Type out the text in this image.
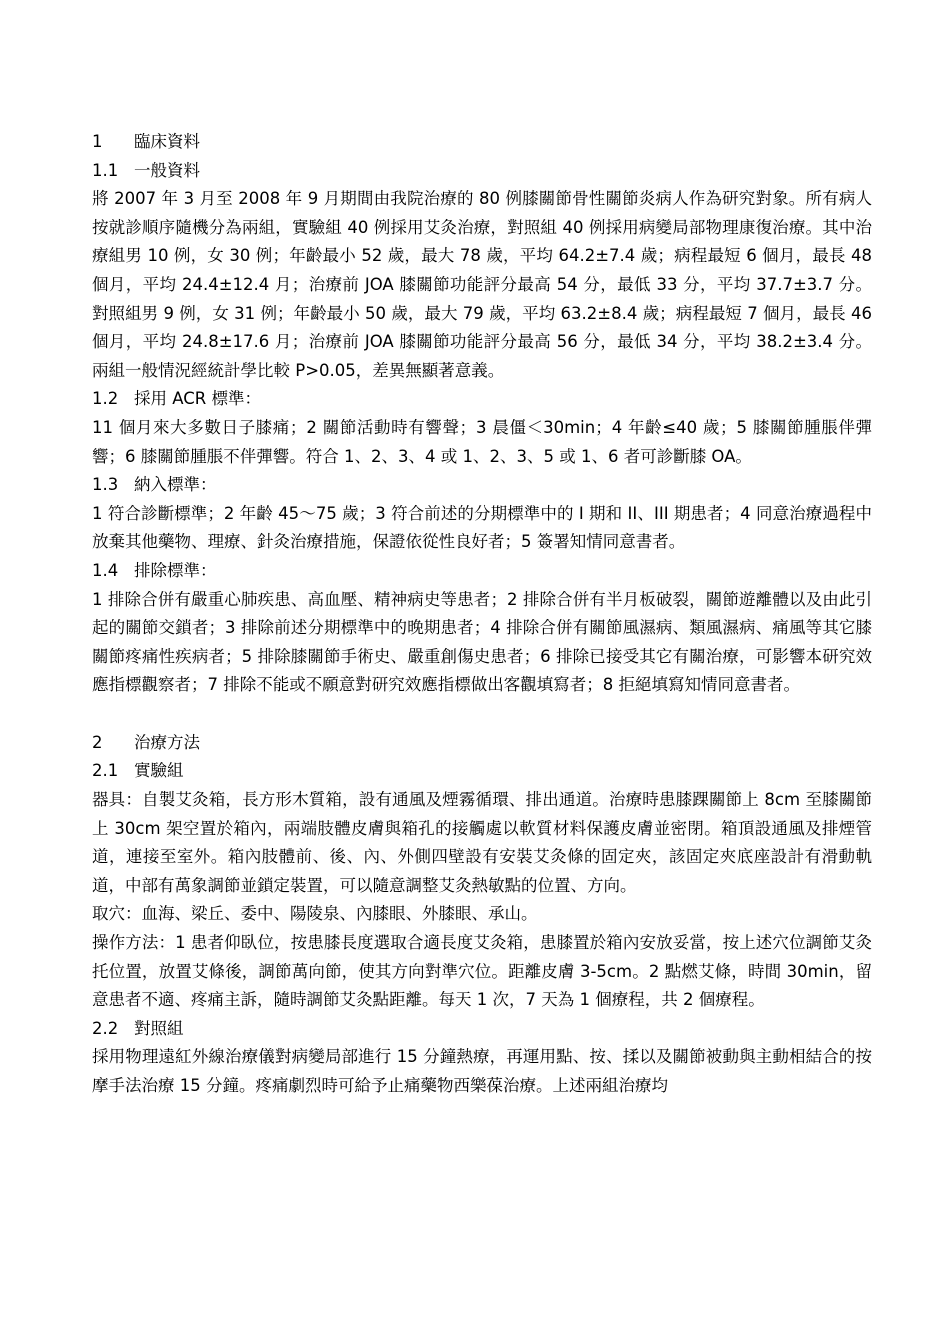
1      臨床資料

1.1   一般資料

將 2007 年 3 月至 2008 年 9 月期間由我院治療的 80 例膝關節骨性關節炎病人作為研究對象。所有病人按就診順序隨機分為兩組，實驗組 40 例採用艾灸治療，對照組 40 例採用病變局部物理康復治療。其中治療組男 10 例，女 30 例；年齡最小 52 歲，最大 78 歲，平均 64.2±7.4 歲；病程最短 6 個月，最長 48 個月，平均 24.4±12.4 月；治療前 JOA 膝關節功能評分最高 54 分，最低 33 分，平均 37.7±3.7 分。對照組男 9 例，女 31 例；年齡最小 50 歲，最大 79 歲，平均 63.2±8.4 歲；病程最短 7 個月，最長 46 個月，平均 24.8±17.6 月；治療前 JOA 膝關節功能評分最高 56 分，最低 34 分，平均 38.2±3.4 分。兩組一般情況經統計學比較 P>0.05，差異無顯著意義。

1.2   採用 ACR 標準：

11 個月來大多數日子膝痛；2 關節活動時有響聲；3 晨僵＜30min；4 年齡≤40 歲；5 膝關節腫脹伴彈響；6 膝關節腫脹不伴彈響。符合 1、2、3、4 或 1、2、3、5 或 1、6 者可診斷膝 OA。

1.3   納入標準：

1 符合診斷標準；2 年齡 45～75 歲；3 符合前述的分期標準中的 I 期和 II、III 期患者；4 同意治療過程中放棄其他藥物、理療、針灸治療措施，保證依從性良好者；5 簽署知情同意書者。

1.4   排除標準：

1 排除合併有嚴重心肺疾患、高血壓、精神病史等患者；2 排除合併有半月板破裂，關節遊離體以及由此引起的關節交鎖者；3 排除前述分期標準中的晚期患者；4 排除合併有關節風濕病、類風濕病、痛風等其它膝關節疼痛性疾病者；5 排除膝關節手術史、嚴重創傷史患者；6 排除已接受其它有關治療，可影響本研究效應指標觀察者；7 排除不能或不願意對研究效應指標做出客觀填寫者；8 拒絕填寫知情同意書者。

2      治療方法

2.1   實驗組

器具：自製艾灸箱，長方形木質箱，設有通風及煙霧循環、排出通道。治療時患膝踝關節上 8cm 至膝關節上 30cm 架空置於箱內，兩端肢體皮膚與箱孔的接觸處以軟質材料保護皮膚並密閉。箱頂設通風及排煙管道，連接至室外。箱內肢體前、後、內、外側四壁設有安裝艾灸條的固定夾，該固定夾底座設計有滑動軌道，中部有萬象調節並鎖定裝置，可以隨意調整艾灸熱敏點的位置、方向。

取穴：血海、梁丘、委中、陽陵泉、內膝眼、外膝眼、承山。

操作方法：1 患者仰臥位，按患膝長度選取合適長度艾灸箱，患膝置於箱內安放妥當，按上述穴位調節艾灸托位置，放置艾條後，調節萬向節，使其方向對準穴位。距離皮膚 3-5cm。2 點燃艾條，時間 30min，留意患者不適、疼痛主訴，隨時調節艾灸點距離。每天 1 次，7 天為 1 個療程，共 2 個療程。

2.2   對照組

採用物理遠紅外線治療儀對病變局部進行 15 分鐘熱療，再運用點、按、揉以及關節被動與主動相結合的按摩手法治療 15 分鐘。疼痛劇烈時可給予止痛藥物西樂葆治療。上述兩組治療均
